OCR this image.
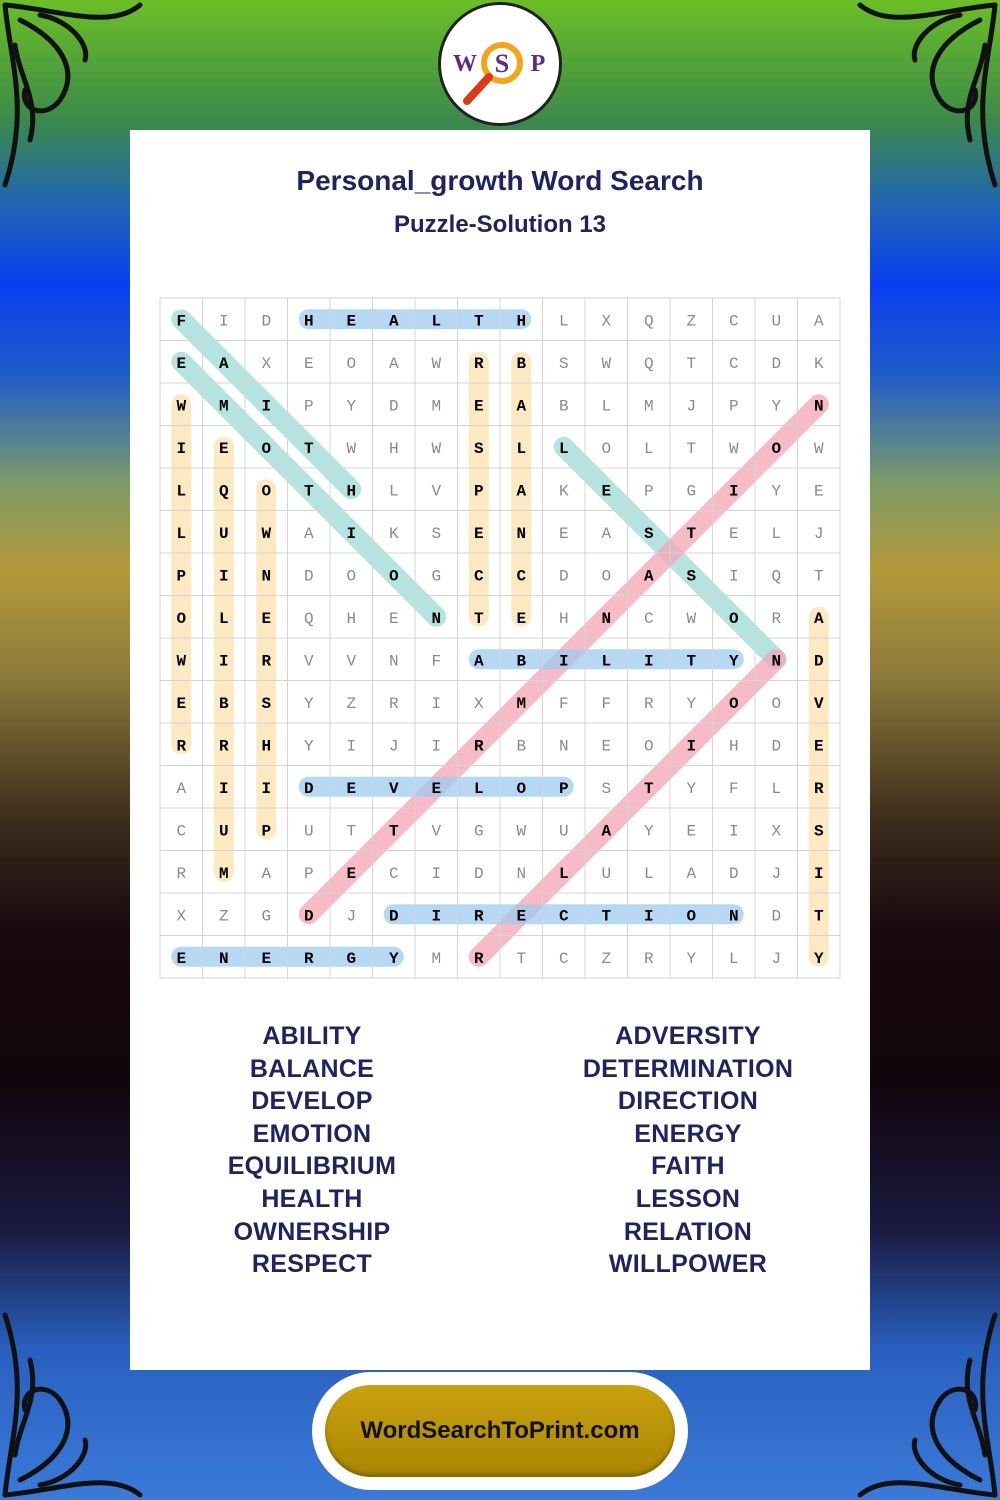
W S P
Personal_growth Word Search
Puzzle-Solution 13
F I D H E A L T H L X Q Z C U A
E A X E O A W R B S W Q T C D K
W M I P Y D M E A B L M J P Y N
I E O T W H W S L L O L T W O W
L Q O T H L V P A K E P G I Y E
L U W A I K S E N E A S T E L J
P I N D O O G C C D O A S I Q T
O L E Q H E N T E H N C W O R A
W I R V V N F A B I L I T Y N D
E B S Y Z R I X M F F R Y O O V
R R H Y I J I R B N E O I H D E
A I I D E V E L O P S T Y F L R
C U P U T T V G W U A Y E I X S
R M A P E C I D N L U L A D J I
X Z G D J D I R E C T I O N D T
E N E R G Y M R T C Z R Y L J Y
ABILITY
BALANCE
DEVELOP
EMOTION
EQUILIBRIUM
HEALTH
OWNERSHIP
RESPECT
ADVERSITY
DETERMINATION
DIRECTION
ENERGY
FAITH
LESSON
RELATION
WILLPOWER
WordSearchToPrint.com
